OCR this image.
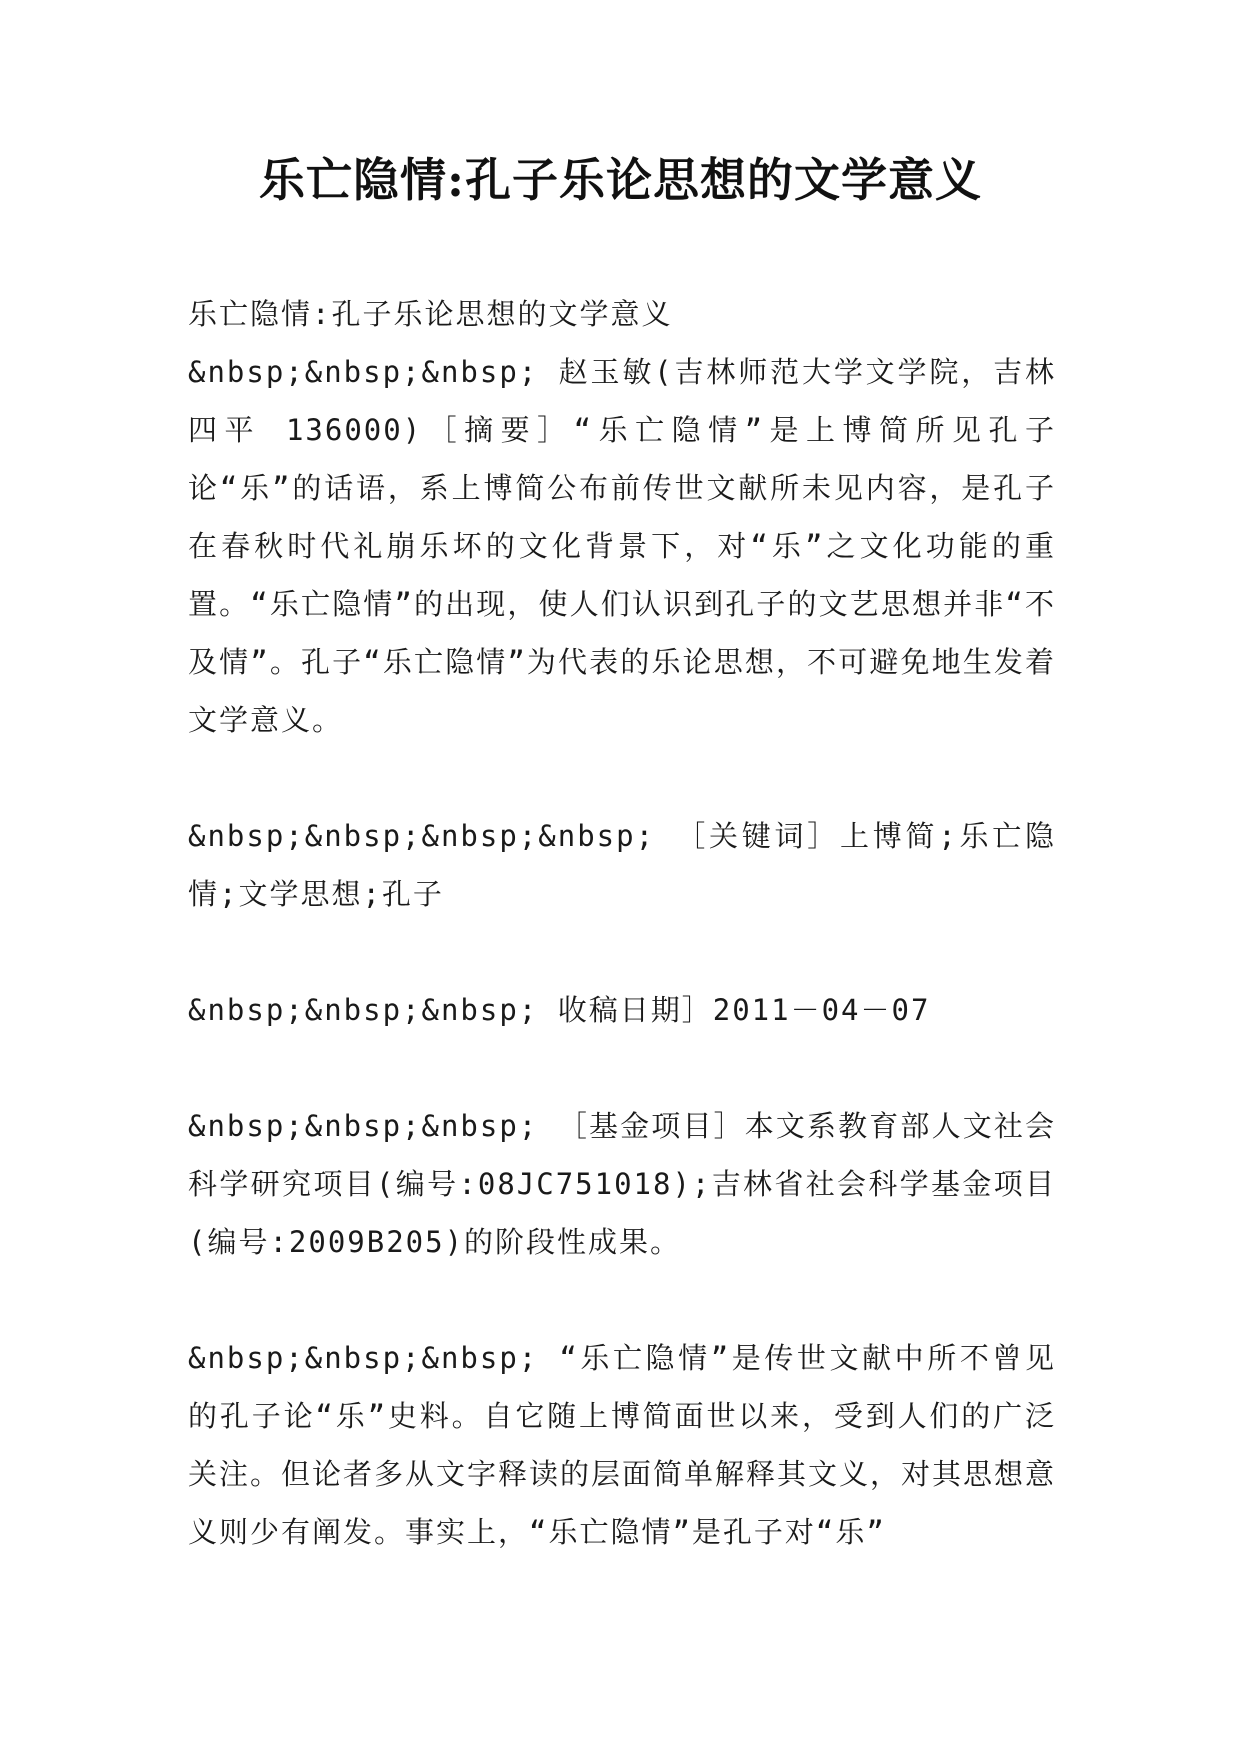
乐亡隐情:孔子乐论思想的文学意义

乐亡隐情:孔子乐论思想的文学意义

&nbsp;&nbsp;&nbsp; 赵玉敏(吉林师范大学文学院，吉林四平 136000)［摘要］“乐亡隐情”是上博简所见孔子论“乐”的话语，系上博简公布前传世文献所未见内容，是孔子在春秋时代礼崩乐坏的文化背景下，对“乐”之文化功能的重置。“乐亡隐情”的出现，使人们认识到孔子的文艺思想并非“不及情”。孔子“乐亡隐情”为代表的乐论思想，不可避免地生发着文学意义。

&nbsp;&nbsp;&nbsp;&nbsp; ［关键词］上博简;乐亡隐情;文学思想;孔子

&nbsp;&nbsp;&nbsp; 收稿日期］2011－04－07

&nbsp;&nbsp;&nbsp; ［基金项目］本文系教育部人文社会科学研究项目(编号:08JC751018);吉林省社会科学基金项目(编号:2009B205)的阶段性成果。

&nbsp;&nbsp;&nbsp; “乐亡隐情”是传世文献中所不曾见的孔子论“乐”史料。自它随上博简面世以来，受到人们的广泛关注。但论者多从文字释读的层面简单解释其文义，对其思想意义则少有阐发。事实上，“乐亡隐情”是孔子对“乐”
